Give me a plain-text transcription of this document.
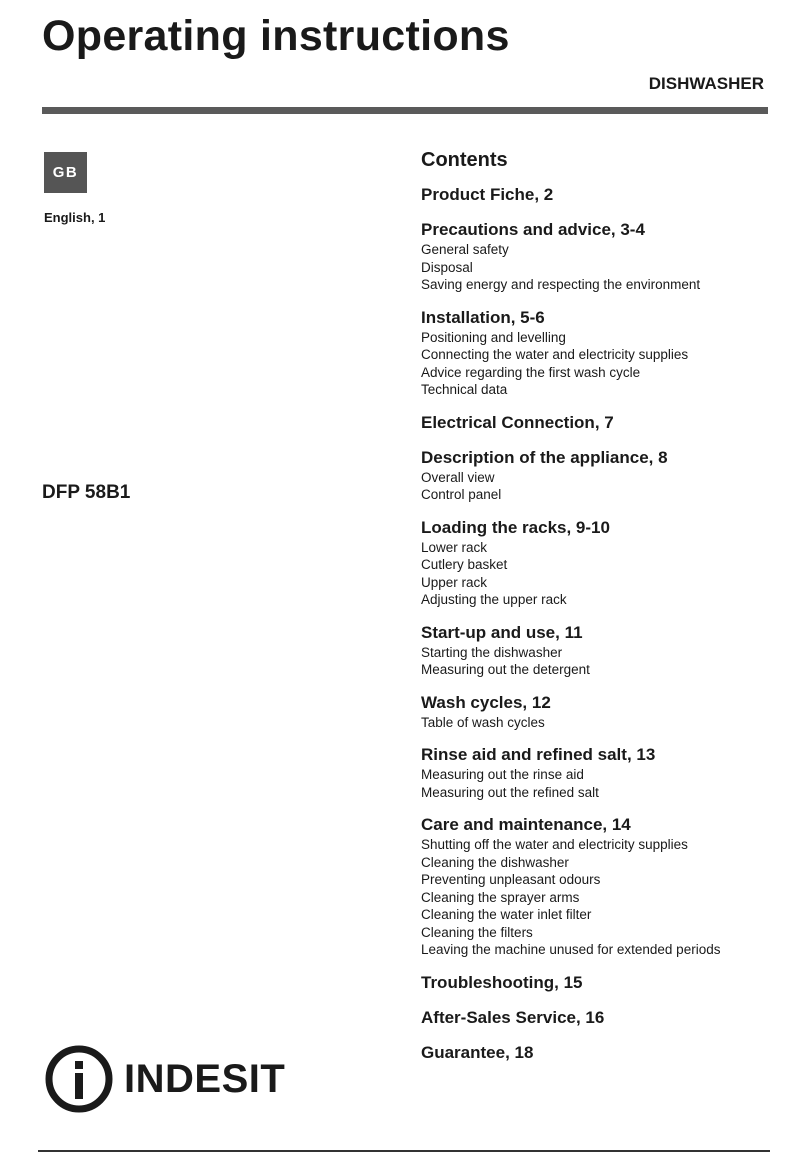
Operating instructions
DISHWASHER
GB
English, 1
DFP 58B1
INDESIT
Contents
Product Fiche, 2
Precautions and advice, 3-4
General safety
Disposal
Saving energy and respecting the environment
Installation, 5-6
Positioning and levelling
Connecting the water and electricity supplies
Advice regarding the first wash cycle
Technical data
Electrical Connection, 7
Description of the appliance, 8
Overall view
Control panel
Loading the racks, 9-10
Lower rack
Cutlery basket
Upper rack
Adjusting the upper rack
Start-up and use, 11
Starting the dishwasher
Measuring out the detergent
Wash cycles, 12
Table of wash cycles
Rinse aid and refined salt, 13
Measuring out the rinse aid
Measuring out the refined salt
Care and maintenance, 14
Shutting off the water and electricity supplies
Cleaning the dishwasher
Preventing unpleasant odours
Cleaning the sprayer arms
Cleaning the water inlet filter
Cleaning the filters
Leaving the machine unused for extended periods
Troubleshooting, 15
After-Sales Service, 16
Guarantee, 18
